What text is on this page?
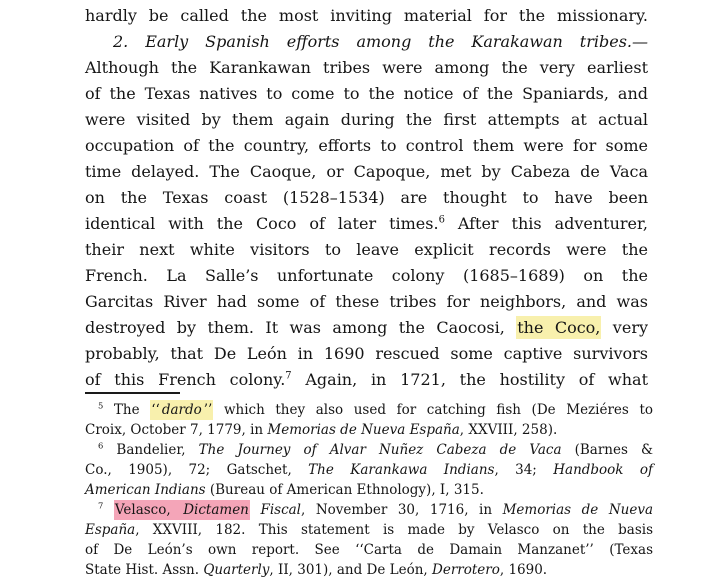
hardly be called the most inviting material for the missionary.
2. Early Spanish efforts among the Karakawan tribes.—
Although the Karankawan tribes were among the very earliest
of the Texas natives to come to the notice of the Spaniards, and
were visited by them again during the first attempts at actual
occupation of the country, efforts to control them were for some
time delayed. The Caoque, or Capoque, met by Cabeza de Vaca
on the Texas coast (1528–1534) are thought to have been
identical with the Coco of later times.$^6$ After this adventurer,
their next white visitors to leave explicit records were the
French. La Salle’s unfortunate colony (1685–1689) on the
Garcitas River had some of these tribes for neighbors, and was
destroyed by them. It was among the Caocosi, the Coco, very
probably, that De León in 1690 rescued some captive survivors
of this French colony.$^7$ Again, in 1721, the hostility of what
$^5$ The ‘‘ dardo ’’ which they also used for catching fish (De Meziéres to
Croix, October 7, 1779, in Memorias de Nueva España, XXVIII, 258).
$^6$ Bandelier, The Journey of Alvar Nuñez Cabeza de Vaca (Barnes &
Co., 1905), 72; Gatschet, The Karankawa Indians, 34; Handbook of
American Indians (Bureau of American Ethnology), I, 315.
$^7$ Velasco, Dictamen Fiscal, November 30, 1716, in Memorias de Nueva
España, XXVIII, 182. This statement is made by Velasco on the basis
of De León’s own report. See ‘‘Carta de Damain Manzanet’’ (Texas
State Hist. Assn. Quarterly, II, 301), and De León, Derrotero, 1690.
